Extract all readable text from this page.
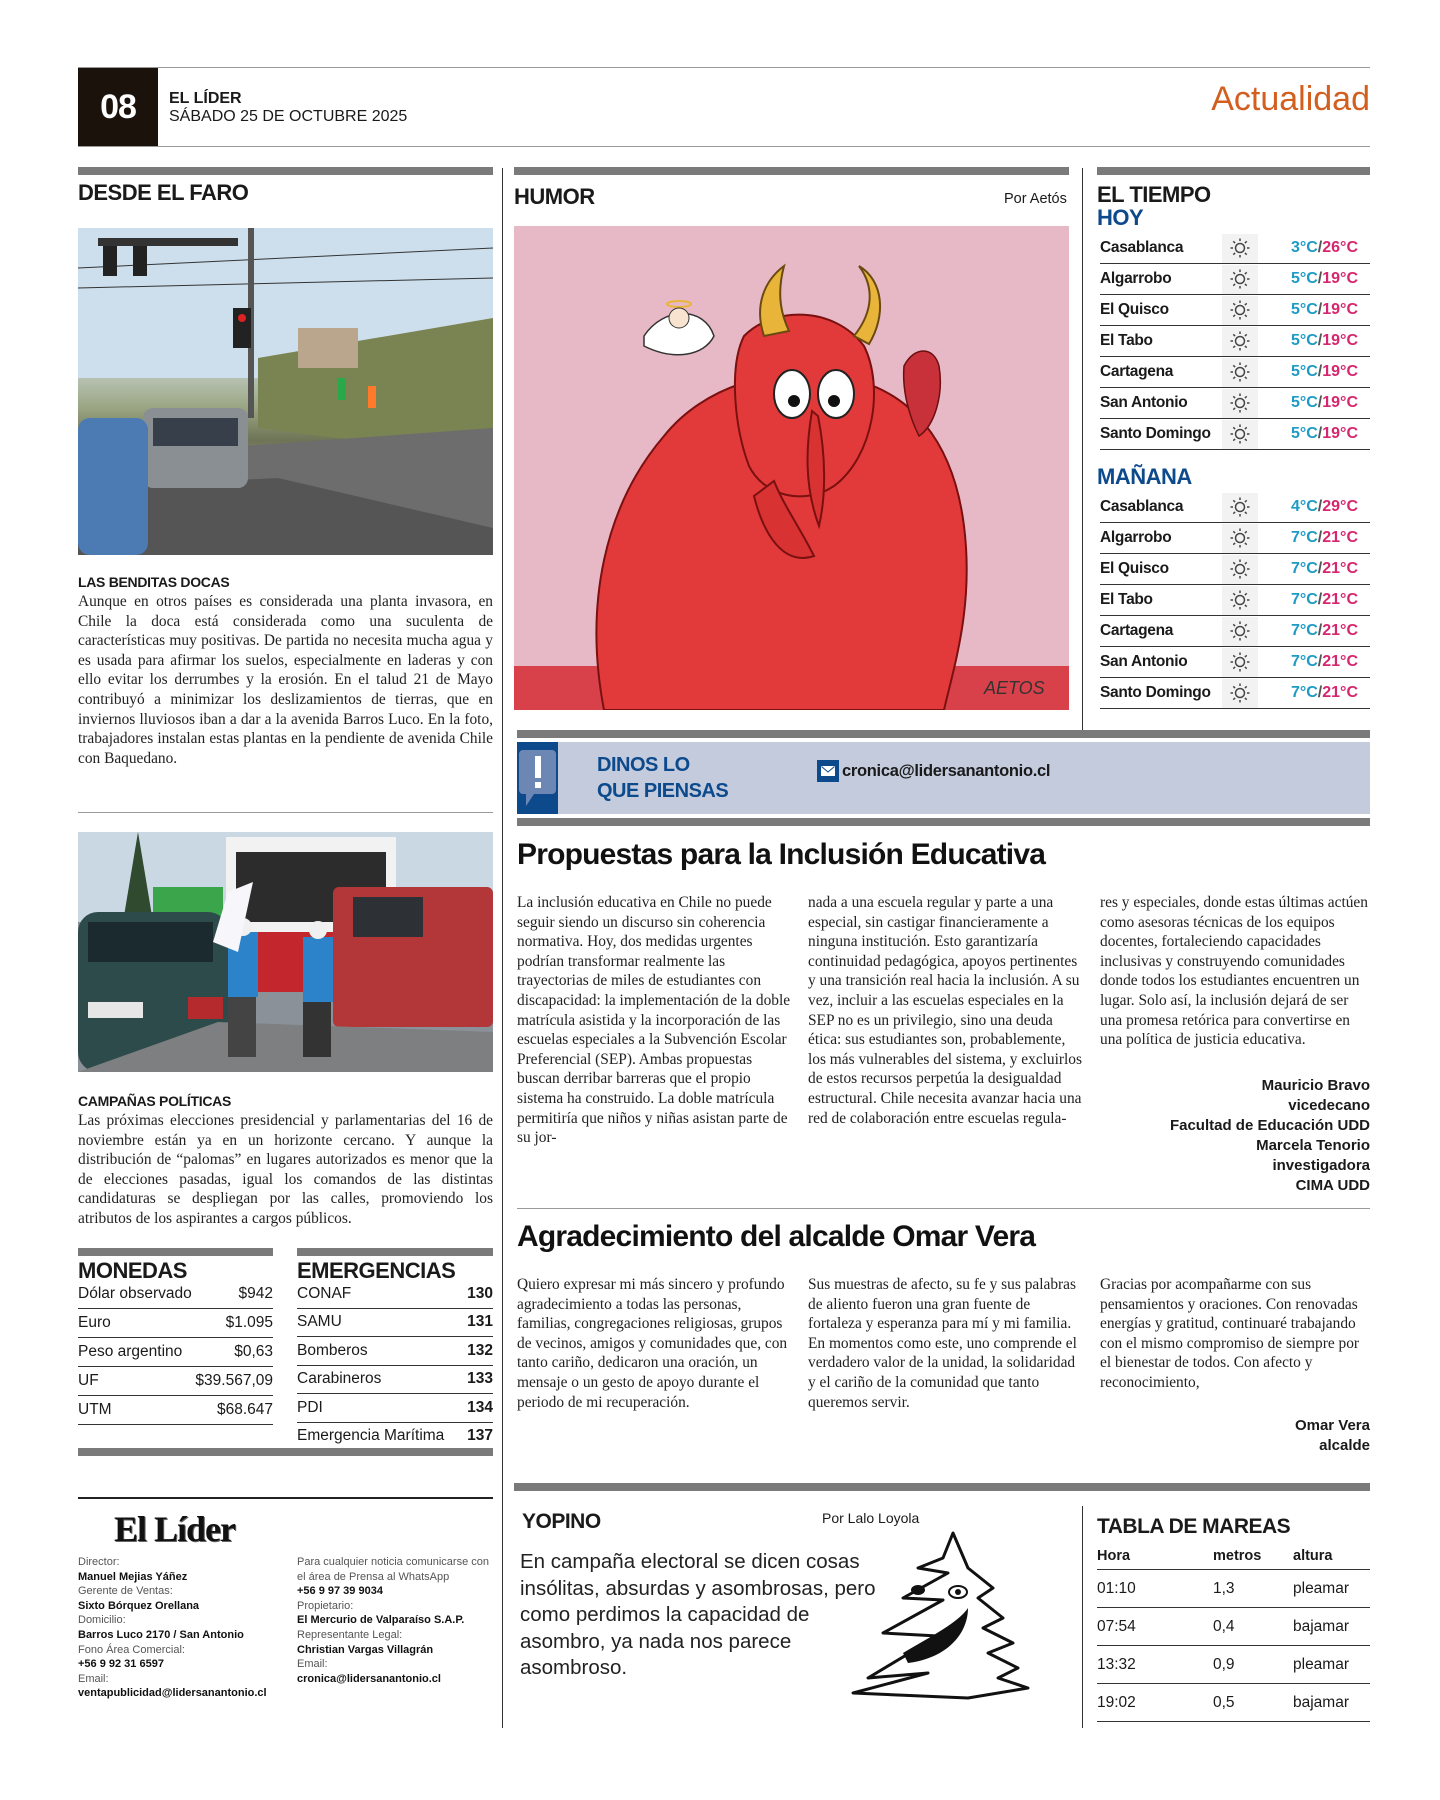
08	EL LÍDER
SÁBADO 25 DE OCTUBRE 2025	Actualidad
DESDE EL FARO
LAS BENDITAS DOCAS
Aunque en otros países es considerada una planta invasora, en Chile la doca está considerada como una suculenta de características muy positivas. De partida no necesita mucha agua y es usada para afirmar los suelos, especialmente en laderas y con ello evitar los derrumbes y la erosión. En el talud 21 de Mayo contribuyó a minimizar los deslizamientos de tierras, que en inviernos lluviosos iban a dar a la avenida Barros Luco. En la foto, trabajadores instalan estas plantas en la pendiente de avenida Chile con Baquedano.
CAMPAÑAS POLÍTICAS
Las próximas elecciones presidencial y parlamentarias del 16 de noviembre están ya en un horizonte cercano. Y aunque la distribución de “palomas” en lugares autorizados es menor que la de elecciones pasadas, igual los comandos de las distintas candidaturas se despliegan por las calles, promoviendo los atributos de los aspirantes a cargos públicos.
MONEDAS
Dólar observado	$942
Euro	$1.095
Peso argentino	$0,63
UF	$39.567,09
UTM	$68.647
EMERGENCIAS
CONAF	130
SAMU	131
Bomberos	132
Carabineros	133
PDI	134
Emergencia Marítima 137
El Líder
Director:
Manuel Mejias Yáñez
Gerente de Ventas:
Sixto Bórquez Orellana
Domicilio:
Barros Luco 2170 / San Antonio
Fono Área Comercial:
+56 9 92 31 6597
Email:
ventapublicidad@lidersanantonio.cl
Para cualquier noticia comunicarse con el área de Prensa al WhatsApp
+56 9 97 39 9034
Propietario:
El Mercurio de Valparaíso S.A.P.
Representante Legal:
Christian Vargas Villagrán
Email:
cronica@lidersanantonio.cl
HUMOR	Por Aetós
AETOS
EL TIEMPO
HOY
Casablanca	3°C/26°C
Algarrobo	5°C/19°C
El Quisco	5°C/19°C
El Tabo	5°C/19°C
Cartagena	5°C/19°C
San Antonio	5°C/19°C
Santo Domingo	5°C/19°C
MAÑANA
Casablanca	4°C/29°C
Algarrobo	7°C/21°C
El Quisco	7°C/21°C
El Tabo	7°C/21°C
Cartagena	7°C/21°C
San Antonio	7°C/21°C
Santo Domingo	7°C/21°C
DINOS LO
QUE PIENSAS
cronica@lidersanantonio.cl
Propuestas para la Inclusión Educativa
La inclusión educativa en Chile no puede seguir siendo un discurso sin coherencia normativa. Hoy, dos medidas urgentes podrían transformar realmente las trayectorias de miles de estudiantes con discapacidad: la implementación de la doble matrícula asistida y la incorporación de las escuelas especiales a la Subvención Escolar Preferencial (SEP). Ambas propuestas buscan derribar barreras que el propio sistema ha construido. La doble matrícula permitiría que niños y niñas asistan parte de su jor-
nada a una escuela regular y parte a una especial, sin castigar financieramente a ninguna institución. Esto garantizaría continuidad pedagógica, apoyos pertinentes y una transición real hacia la inclusión. A su vez, incluir a las escuelas especiales en la SEP no es un privilegio, sino una deuda ética: sus estudiantes son, probablemente, los más vulnerables del sistema, y excluirlos de estos recursos perpetúa la desigualdad estructural. Chile necesita avanzar hacia una red de colaboración entre escuelas regula-
res y especiales, donde estas últimas actúen como asesoras técnicas de los equipos docentes, fortaleciendo capacidades inclusivas y construyendo comunidades donde todos los estudiantes encuentren un lugar. Solo así, la inclusión dejará de ser una promesa retórica para convertirse en una política de justicia educativa.
Mauricio Bravo
vicedecano
Facultad de Educación UDD
Marcela Tenorio
investigadora
CIMA UDD
Agradecimiento del alcalde Omar Vera
Quiero expresar mi más sincero y profundo agradecimiento a todas las personas, familias, congregaciones religiosas, grupos de vecinos, amigos y comunidades que, con tanto cariño, dedicaron una oración, un mensaje o un gesto de apoyo durante el periodo de mi recuperación.
Sus muestras de afecto, su fe y sus palabras de aliento fueron una gran fuente de fortaleza y esperanza para mí y mi familia. En momentos como este, uno comprende el verdadero valor de la unidad, la solidaridad y el cariño de la comunidad que tanto queremos servir.
Gracias por acompañarme con sus pensamientos y oraciones. Con renovadas energías y gratitud, continuaré trabajando con el mismo compromiso de siempre por el bienestar de todos. Con afecto y reconocimiento,
Omar Vera
alcalde
YOPINO	Por Lalo Loyola
En campaña electoral se dicen cosas insólitas, absurdas y asombrosas, pero como perdimos la capacidad de asombro, ya nada nos parece asombroso.
TABLA DE MAREAS
Hora	metros	altura
01:10	1,3	pleamar
07:54	0,4	bajamar
13:32	0,9	pleamar
19:02	0,5	bajamar
